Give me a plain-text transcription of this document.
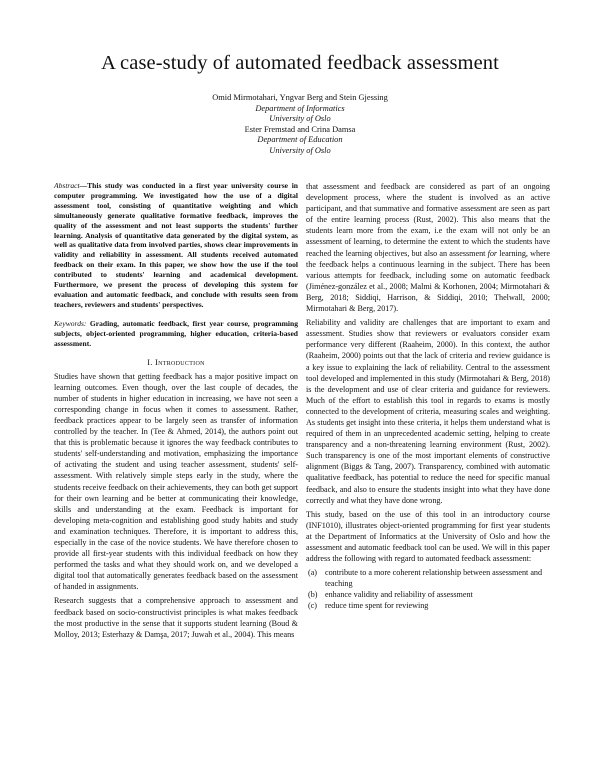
A case-study of automated feedback assessment
Omid Mirmotahari, Yngvar Berg and Stein Gjessing
Department of Informatics
University of Oslo
Ester Fremstad and Crina Damsa
Department of Education
University of Oslo

Abstract—This study was conducted in a first year university course in computer programming. We investigated how the use of a digital assessment tool, consisting of quantitative weighting and which simultaneously generate qualitative formative feedback, improves the quality of the assessment and not least supports the students' further learning. Analysis of quantitative data generated by the digital system, as well as qualitative data from involved parties, shows clear improvements in validity and reliability in assessment. All students received automated feedback on their exam. In this paper, we show how the use if the tool contributed to students' learning and academical development. Furthermore, we present the process of developing this system for evaluation and automatic feedback, and conclude with results seen from teachers, reviewers and students' perspectives.

Keywords: Grading, automatic feedback, first year course, programming subjects, object-oriented programming, higher education, criteria-based assessment.

I. Introduction

Studies have shown that getting feedback has a major positive impact on learning outcomes. Even though, over the last couple of decades, the number of students in higher education in increasing, we have not seen a corresponding change in focus when it comes to assessment. Rather, feedback practices appear to be largely seen as transfer of information controlled by the teacher. In (Tee & Ahmed, 2014), the authors point out that this is problematic because it ignores the way feedback contributes to students' self-understanding and motivation, emphasizing the importance of activating the student and using teacher assessment, students' self-assessment. With relatively simple steps early in the study, where the students receive feedback on their achievements, they can both get support for their own learning and be better at communicating their knowledge, skills and understanding at the exam. Feedback is important for developing meta-cognition and establishing good study habits and study and examination techniques. Therefore, it is important to address this, especially in the case of the novice students. We have therefore chosen to provide all first-year students with this individual feedback on how they performed the tasks and what they should work on, and we developed a digital tool that automatically generates feedback based on the assessment of handed in assignments.

Research suggests that a comprehensive approach to assessment and feedback based on socio-constructivist principles is what makes feedback the most productive in the sense that it supports student learning (Boud & Molloy, 2013; Esterhazy & Damşa, 2017; Juwah et al., 2004). This means

that assessment and feedback are considered as part of an ongoing development process, where the student is involved as an active participant, and that summative and formative assessment are seen as part of the entire learning process (Rust, 2002). This also means that the students learn more from the exam, i.e the exam will not only be an assessment of learning, to determine the extent to which the students have reached the learning objectives, but also an assessment for learning, where the feedback helps a continuous learning in the subject. There has been various attempts for feedback, including some on automatic feedback (Jiménez-gonzález et al., 2008; Malmi & Korhonen, 2004; Mirmotahari & Berg, 2018; Siddiqi, Harrison, & Siddiqi, 2010; Thelwall, 2000; Mirmotahari & Berg, 2017).

Reliability and validity are challenges that are important to exam and assessment. Studies show that reviewers or evaluators consider exam performance very different (Raaheim, 2000). In this context, the author (Raaheim, 2000) points out that the lack of criteria and review guidance is a key issue to explaining the lack of reliability. Central to the assessment tool developed and implemented in this study (Mirmotahari & Berg, 2018) is the development and use of clear criteria and guidance for reviewers. Much of the effort to establish this tool in regards to exams is mostly connected to the development of criteria, measuring scales and weighting. As students get insight into these criteria, it helps them understand what is required of them in an unprecedented academic setting, helping to create transparency and a non-threatening learning environment (Rust, 2002). Such transparency is one of the most important elements of constructive alignment (Biggs & Tang, 2007). Transparency, combined with automatic qualitative feedback, has potential to reduce the need for specific manual feedback, and also to ensure the students insight into what they have done correctly and what they have done wrong.

This study, based on the use of this tool in an introductory course (INF1010), illustrates object-oriented programming for first year students at the Department of Informatics at the University of Oslo and how the assessment and automatic feedback tool can be used. We will in this paper address the following with regard to automated feedback assessment:

(a) contribute to a more coherent relationship between assessment and teaching
(b) enhance validity and reliability of assessment
(c) reduce time spent for reviewing
